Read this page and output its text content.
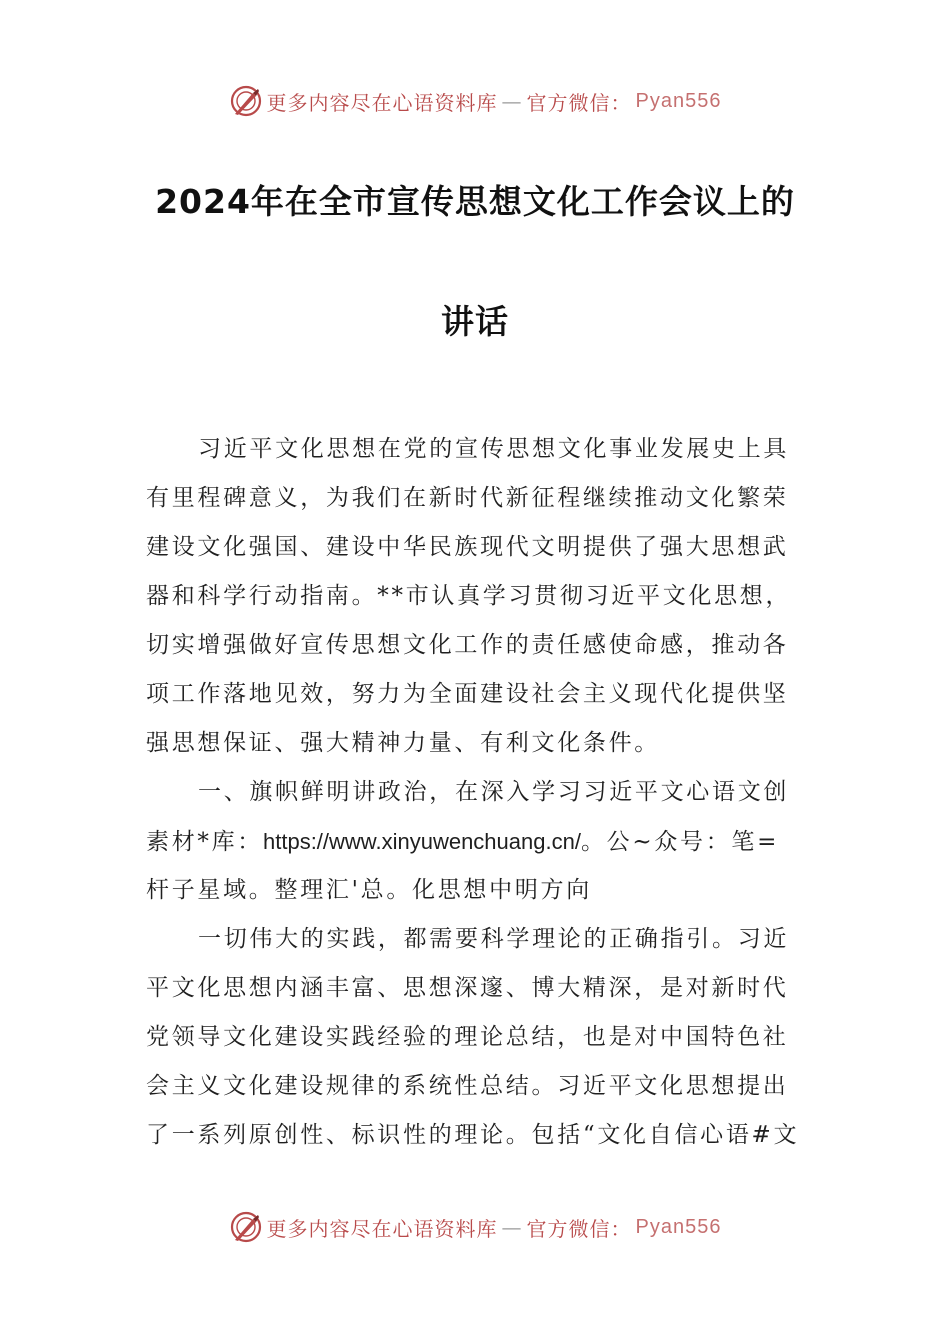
更多内容尽在心语资料库 — 官方微信： Pyan556
2024年在全市宣传思想文化工作会议上的
讲话
习近平文化思想在党的宣传思想文化事业发展史上具
有里程碑意义，为我们在新时代新征程继续推动文化繁荣
建设文化强国、建设中华民族现代文明提供了强大思想武
器和科学行动指南。**市认真学习贯彻习近平文化思想，
切实增强做好宣传思想文化工作的责任感使命感，推动各
项工作落地见效，努力为全面建设社会主义现代化提供坚
强思想保证、强大精神力量、有利文化条件。
一、旗帜鲜明讲政治，在深入学习习近平文心语文创
素材*库：https://www.xinyuwenchuang.cn/。公~众号：笔=
杆子星域。整理汇'总。化思想中明方向
一切伟大的实践，都需要科学理论的正确指引。习近
平文化思想内涵丰富、思想深邃、博大精深，是对新时代
党领导文化建设实践经验的理论总结，也是对中国特色社
会主义文化建设规律的系统性总结。习近平文化思想提出
了一系列原创性、标识性的理论。包括“文化自信心语#文
更多内容尽在心语资料库 — 官方微信： Pyan556
